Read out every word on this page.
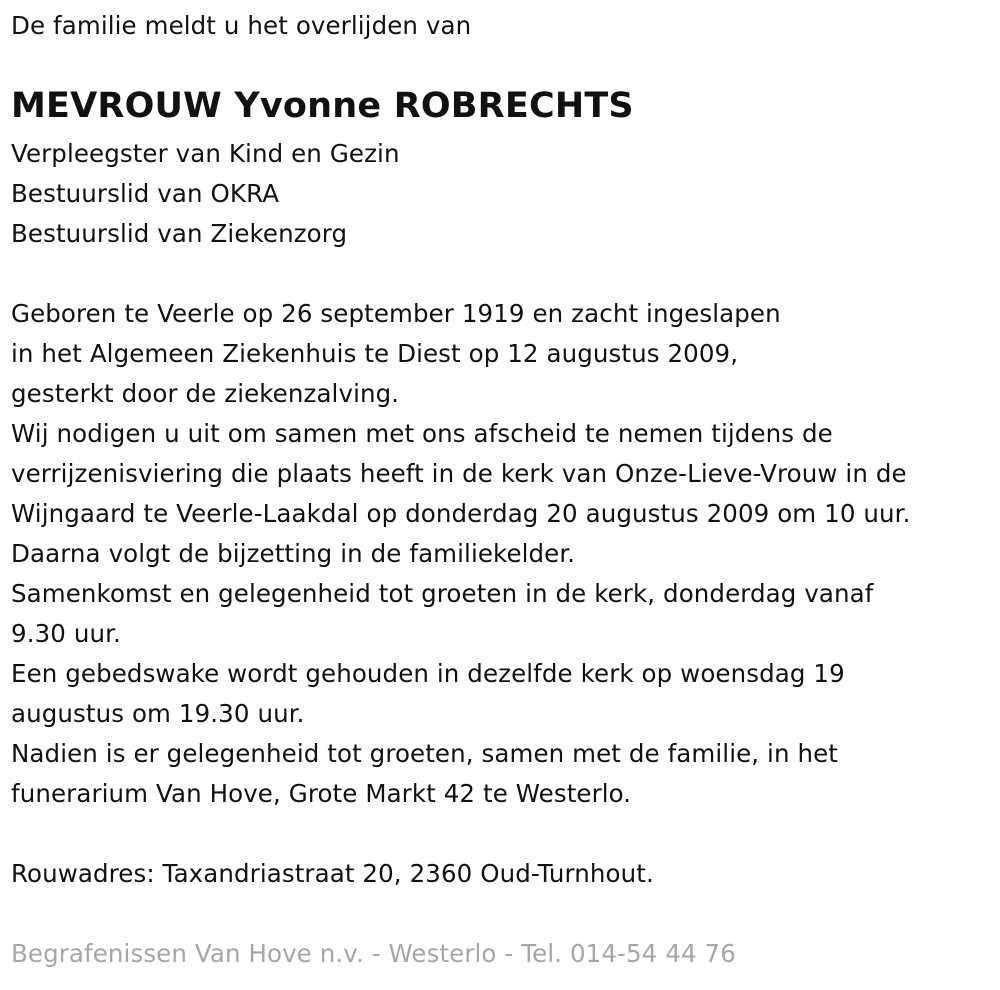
De familie meldt u het overlijden van
MEVROUW Yvonne ROBRECHTS
Verpleegster van Kind en Gezin
Bestuurslid van OKRA
Bestuurslid van Ziekenzorg
Geboren te Veerle op 26 september 1919 en zacht ingeslapen
in het Algemeen Ziekenhuis te Diest op 12 augustus 2009,
gesterkt door de ziekenzalving.
Wij nodigen u uit om samen met ons afscheid te nemen tijdens de
verrijzenisviering die plaats heeft in de kerk van Onze-Lieve-Vrouw in de
Wijngaard te Veerle-Laakdal op donderdag 20 augustus 2009 om 10 uur.
Daarna volgt de bijzetting in de familiekelder.
Samenkomst en gelegenheid tot groeten in de kerk, donderdag vanaf
9.30 uur.
Een gebedswake wordt gehouden in dezelfde kerk op woensdag 19
augustus om 19.30 uur.
Nadien is er gelegenheid tot groeten, samen met de familie, in het
funerarium Van Hove, Grote Markt 42 te Westerlo.
Rouwadres: Taxandriastraat 20, 2360 Oud-Turnhout.
Begrafenissen Van Hove n.v. - Westerlo - Tel. 014-54 44 76
